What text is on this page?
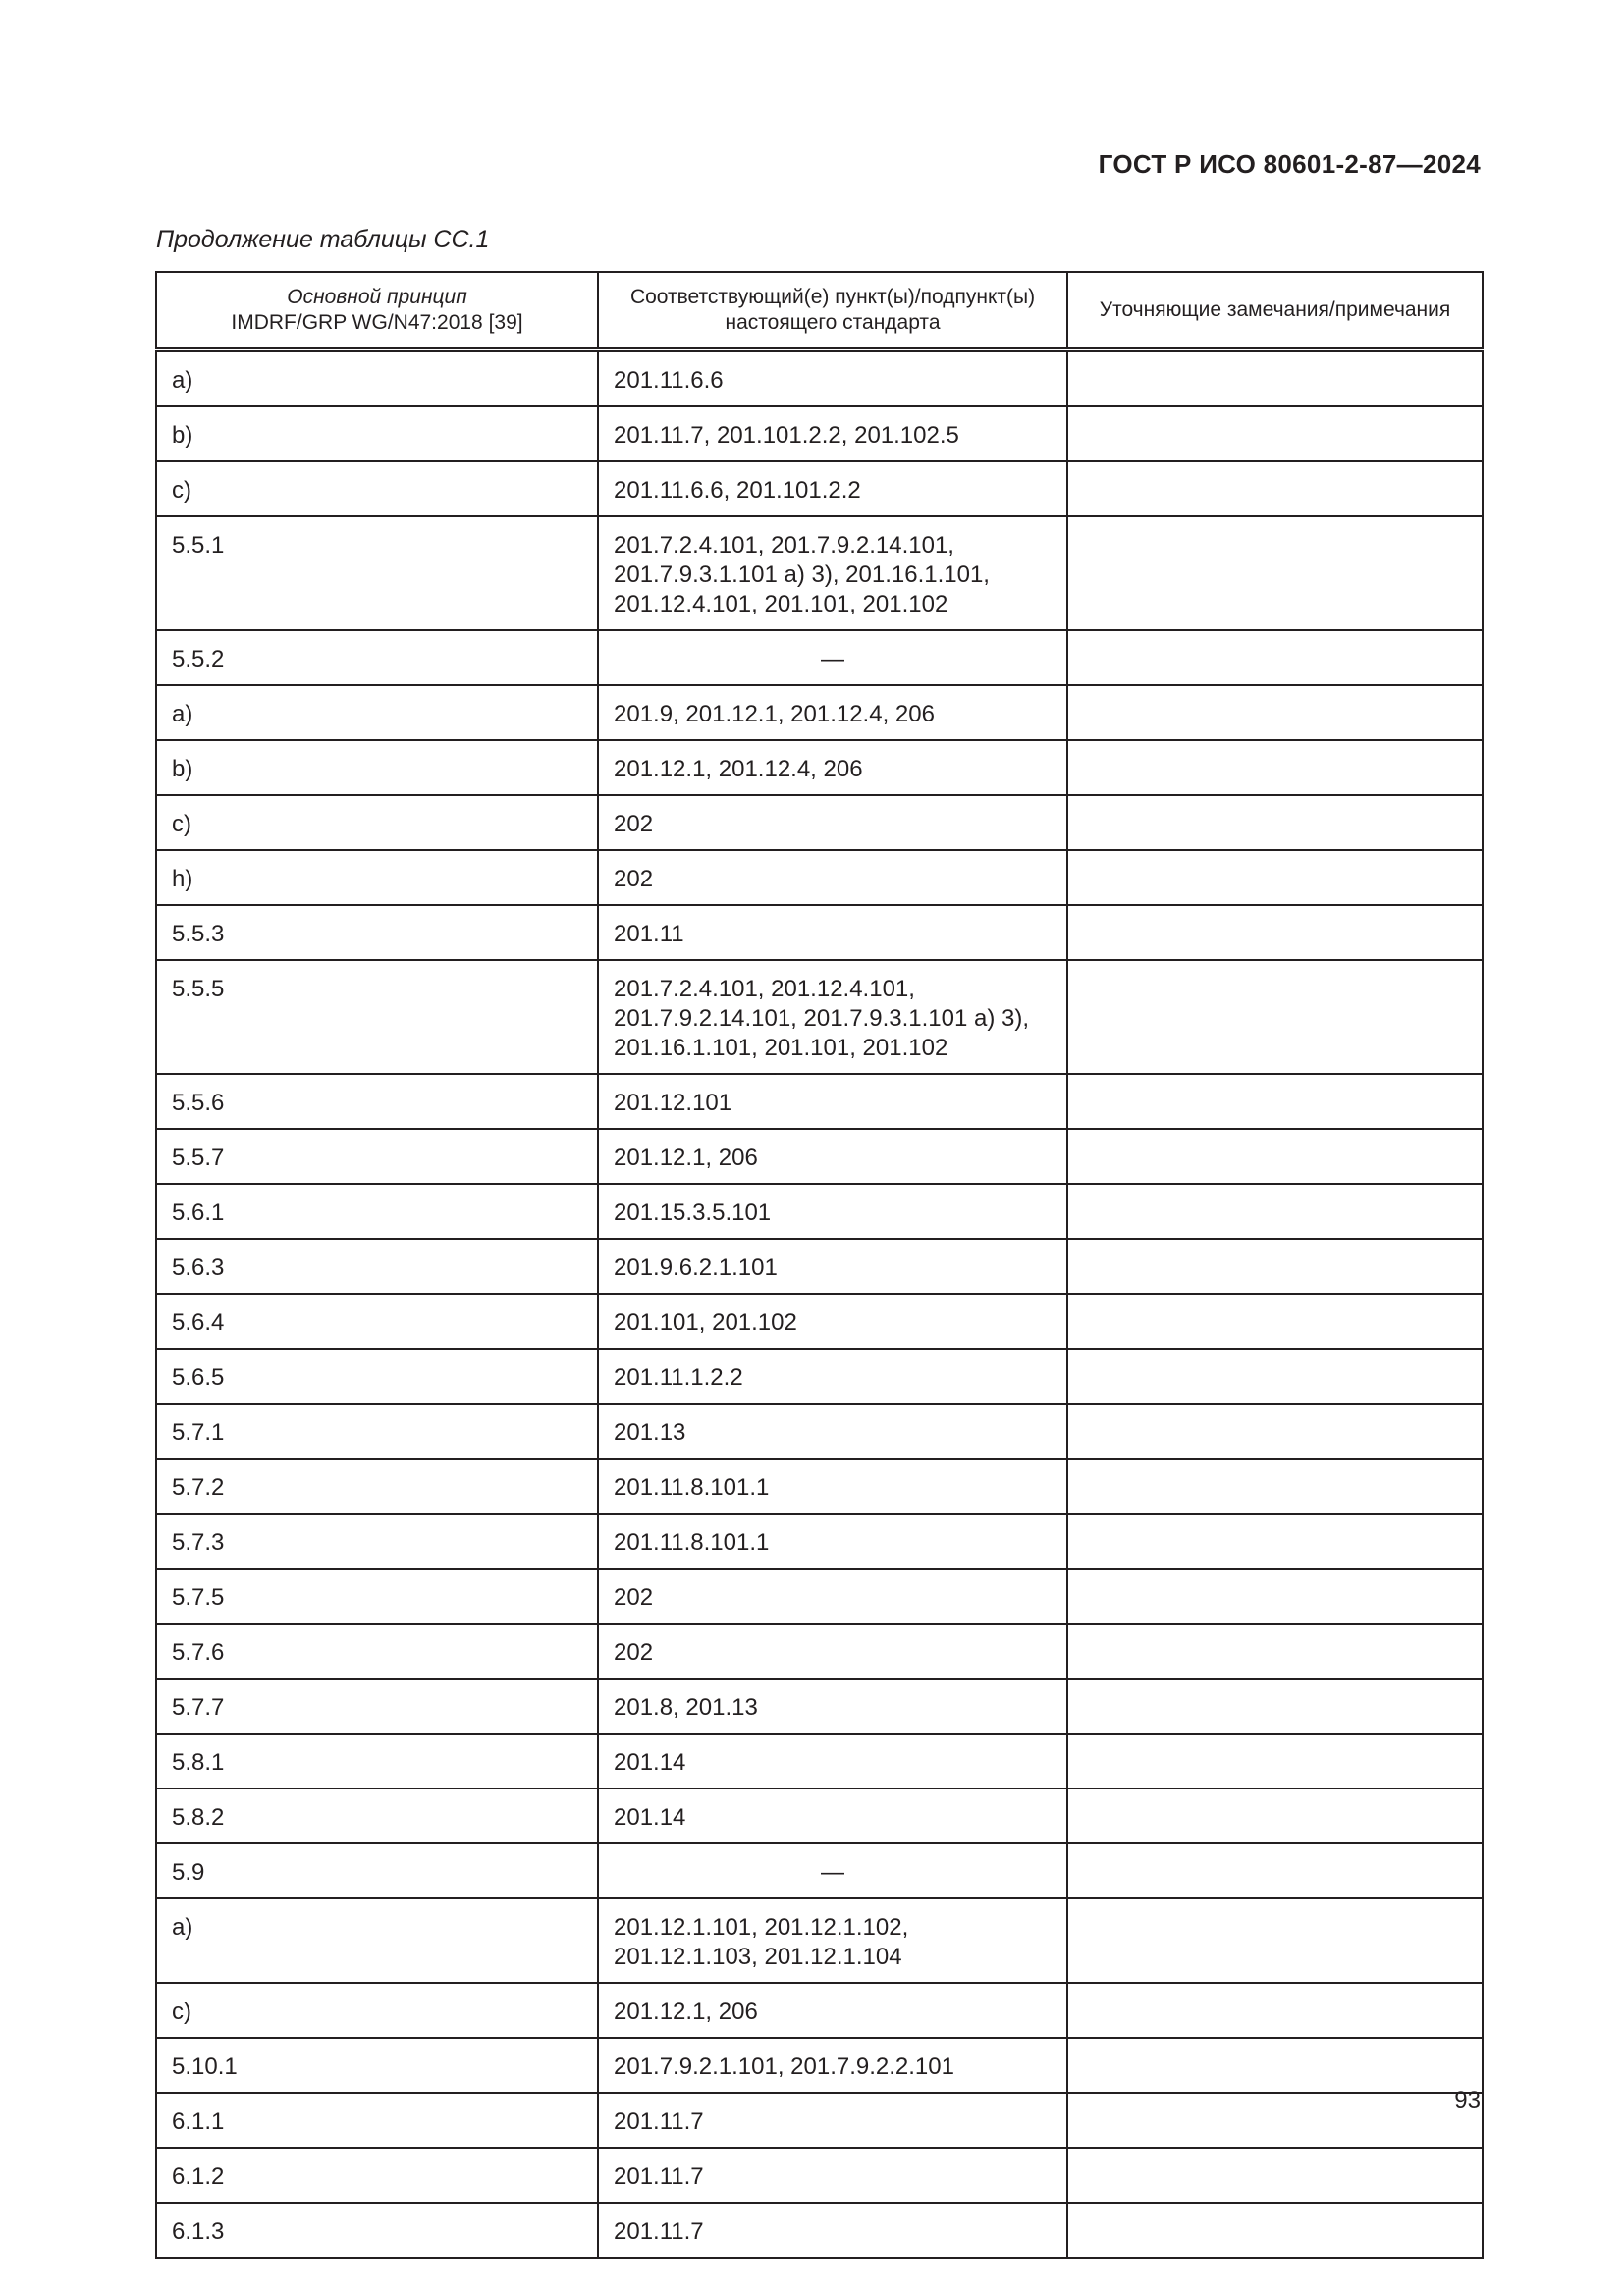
ГОСТ Р ИСО 80601-2-87—2024
Продолжение таблицы СС.1
Основной принцип
IMDRF/GRP WG/N47:2018 [39]	Соответствующий(е) пункт(ы)/подпункт(ы) настоящего стандарта	Уточняющие замечания/примечания
a)	201.11.6.6	
b)	201.11.7, 201.101.2.2, 201.102.5	
c)	201.11.6.6, 201.101.2.2	
5.5.1	201.7.2.4.101, 201.7.9.2.14.101,
201.7.9.3.1.101 a) 3), 201.16.1.101,
201.12.4.101, 201.101, 201.102	
5.5.2	—	
a)	201.9, 201.12.1, 201.12.4, 206	
b)	201.12.1, 201.12.4, 206	
c)	202	
h)	202	
5.5.3	201.11	
5.5.5	201.7.2.4.101, 201.12.4.101,
201.7.9.2.14.101, 201.7.9.3.1.101 a) 3),
201.16.1.101, 201.101, 201.102	
5.5.6	201.12.101	
5.5.7	201.12.1, 206	
5.6.1	201.15.3.5.101	
5.6.3	201.9.6.2.1.101	
5.6.4	201.101, 201.102	
5.6.5	201.11.1.2.2	
5.7.1	201.13	
5.7.2	201.11.8.101.1	
5.7.3	201.11.8.101.1	
5.7.5	202	
5.7.6	202	
5.7.7	201.8, 201.13	
5.8.1	201.14	
5.8.2	201.14	
5.9	—	
a)	201.12.1.101, 201.12.1.102,
201.12.1.103, 201.12.1.104	
c)	201.12.1, 206	
5.10.1	201.7.9.2.1.101, 201.7.9.2.2.101	
6.1.1	201.11.7	
6.1.2	201.11.7	
6.1.3	201.11.7	
93
